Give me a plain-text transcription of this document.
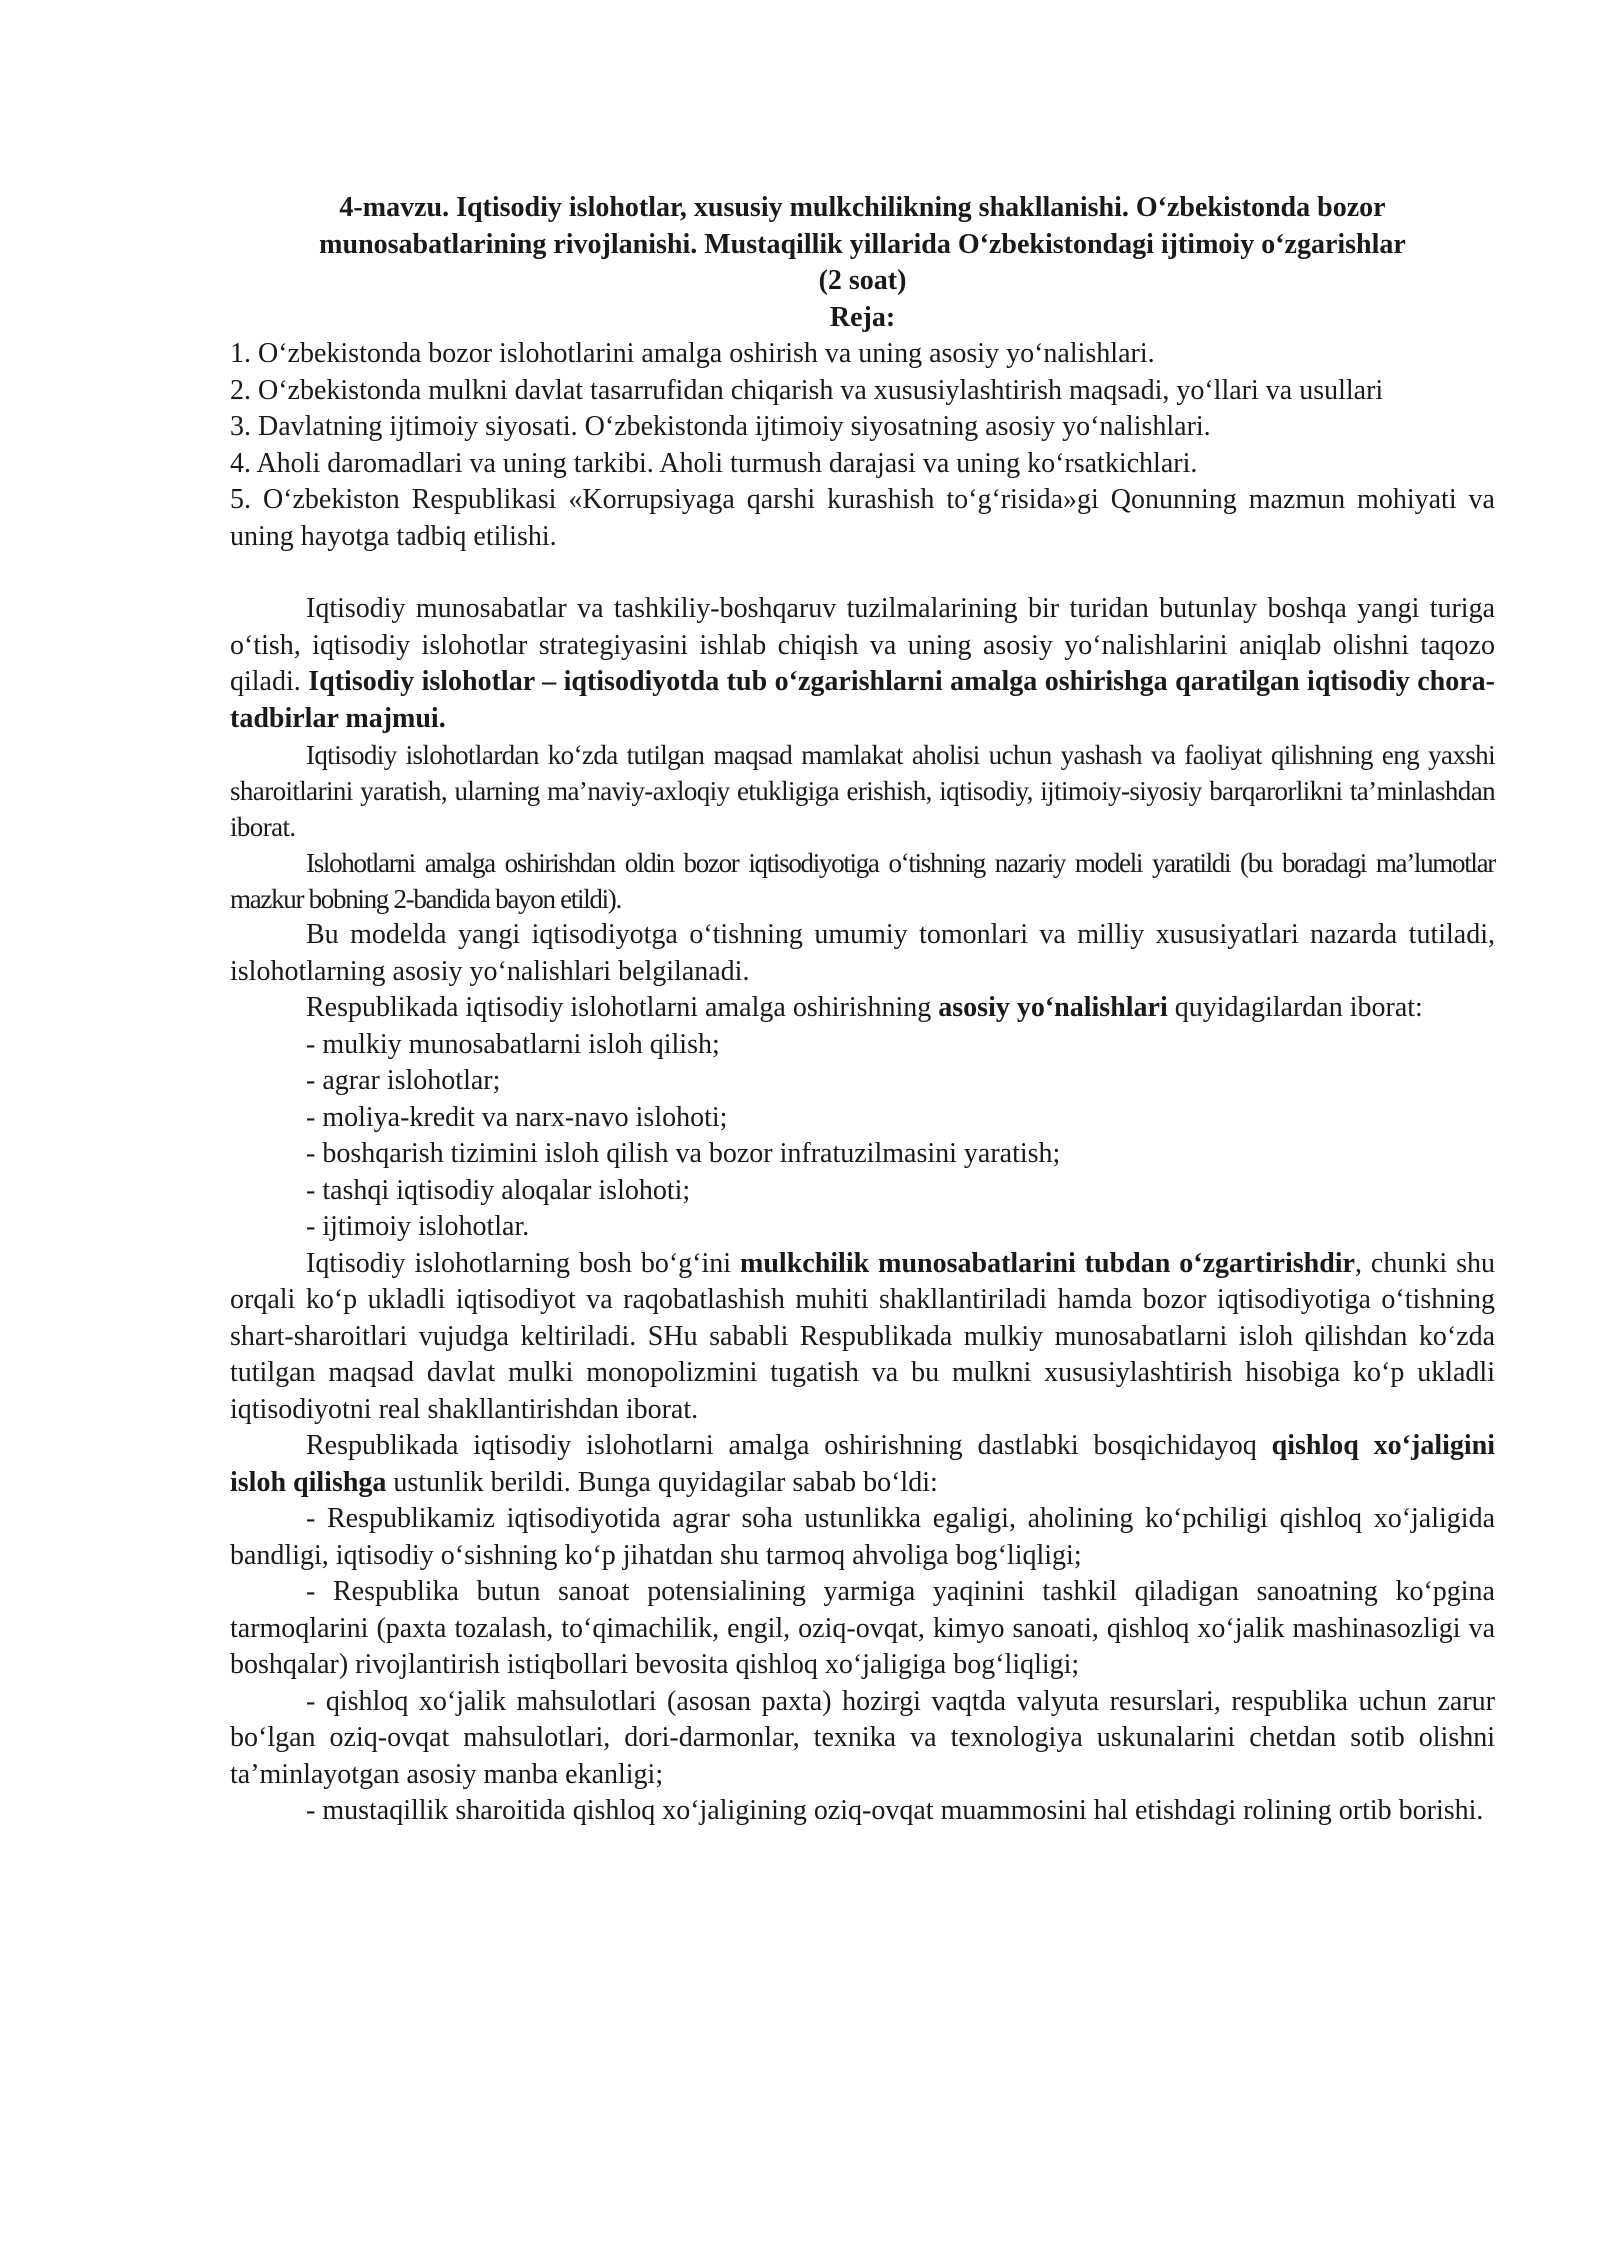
4-mavzu. Iqtisodiy islohotlar, xususiy mulkchilikning shakllanishi. O‘zbekistonda bozor
munosabatlarining rivojlanishi. Mustaqillik yillarida O‘zbekistondagi ijtimoiy o‘zgarishlar
(2 soat)
Reja:

1. O‘zbekistonda bozor islohotlarini amalga oshirish va uning asosiy yo‘nalishlari.

2. O‘zbekistonda mulkni davlat tasarrufidan chiqarish va xususiylashtirish maqsadi, yo‘llari va usullari

3. Davlatning ijtimoiy siyosati. O‘zbekistonda ijtimoiy siyosatning asosiy yo‘nalishlari.

4. Aholi daromadlari va uning tarkibi. Aholi turmush darajasi va uning ko‘rsatkichlari.

5. O‘zbekiston Respublikasi «Korrupsiyaga qarshi kurashish to‘g‘risida»gi Qonunning mazmun mohiyati va uning hayotga tadbiq etilishi.

Iqtisodiy munosabatlar va tashkiliy-boshqaruv tuzilmalarining bir turidan butunlay boshqa yangi turiga o‘tish, iqtisodiy islohotlar strategiyasini ishlab chiqish va uning asosiy yo‘nalishlarini aniqlab olishni taqozo qiladi. Iqtisodiy islohotlar – iqtisodiyotda tub o‘zgarishlarni amalga oshirishga qaratilgan iqtisodiy chora-tadbirlar majmui.

Iqtisodiy islohotlardan ko‘zda tutilgan maqsad mamlakat aholisi uchun yashash va faoliyat qilishning eng yaxshi sharoitlarini yaratish, ularning ma’naviy-axloqiy etukligiga erishish, iqtisodiy, ijtimoiy-siyosiy barqarorlikni ta’minlashdan iborat.

Islohotlarni amalga oshirishdan oldin bozor iqtisodiyotiga o‘tishning nazariy modeli yaratildi (bu boradagi ma’lumotlar mazkur bobning 2-bandida bayon etildi).

Bu modelda yangi iqtisodiyotga o‘tishning umumiy tomonlari va milliy xususiyatlari nazarda tutiladi, islohotlarning asosiy yo‘nalishlari belgilanadi.

Respublikada iqtisodiy islohotlarni amalga oshirishning asosiy yo‘nalishlari quyidagilardan iborat:

- mulkiy munosabatlarni isloh qilish;

- agrar islohotlar;

- moliya-kredit va narx-navo islohoti;

- boshqarish tizimini isloh qilish va bozor infratuzilmasini yaratish;

- tashqi iqtisodiy aloqalar islohoti;

- ijtimoiy islohotlar.

Iqtisodiy islohotlarning bosh bo‘g‘ini mulkchilik munosabatlarini tubdan o‘zgartirishdir, chunki shu orqali ko‘p ukladli iqtisodiyot va raqobatlashish muhiti shakllantiriladi hamda bozor iqtisodiyotiga o‘tishning shart-sharoitlari vujudga keltiriladi. SHu sababli Respublikada mulkiy munosabatlarni isloh qilishdan ko‘zda tutilgan maqsad davlat mulki monopolizmini tugatish va bu mulkni xususiylashtirish hisobiga ko‘p ukladli iqtisodiyotni real shakllantirishdan iborat.

Respublikada iqtisodiy islohotlarni amalga oshirishning dastlabki bosqichidayoq qishloq xo‘jaligini isloh qilishga ustunlik berildi. Bunga quyidagilar sabab bo‘ldi:

- Respublikamiz iqtisodiyotida agrar soha ustunlikka egaligi, aholining ko‘pchiligi qishloq xo‘jaligida bandligi, iqtisodiy o‘sishning ko‘p jihatdan shu tarmoq ahvoliga bog‘liqligi;

- Respublika butun sanoat potensialining yarmiga yaqinini tashkil qiladigan sanoatning ko‘pgina tarmoqlarini (paxta tozalash, to‘qimachilik, engil, oziq-ovqat, kimyo sanoati, qishloq xo‘jalik mashinasozligi va boshqalar) rivojlantirish istiqbollari bevosita qishloq xo‘jaligiga bog‘liqligi;

- qishloq xo‘jalik mahsulotlari (asosan paxta) hozirgi vaqtda valyuta resurslari, respublika uchun zarur bo‘lgan oziq-ovqat mahsulotlari, dori-darmonlar, texnika va texnologiya uskunalarini chetdan sotib olishni ta’minlayotgan asosiy manba ekanligi;

- mustaqillik sharoitida qishloq xo‘jaligining oziq-ovqat muammosini hal etishdagi rolining ortib borishi.
